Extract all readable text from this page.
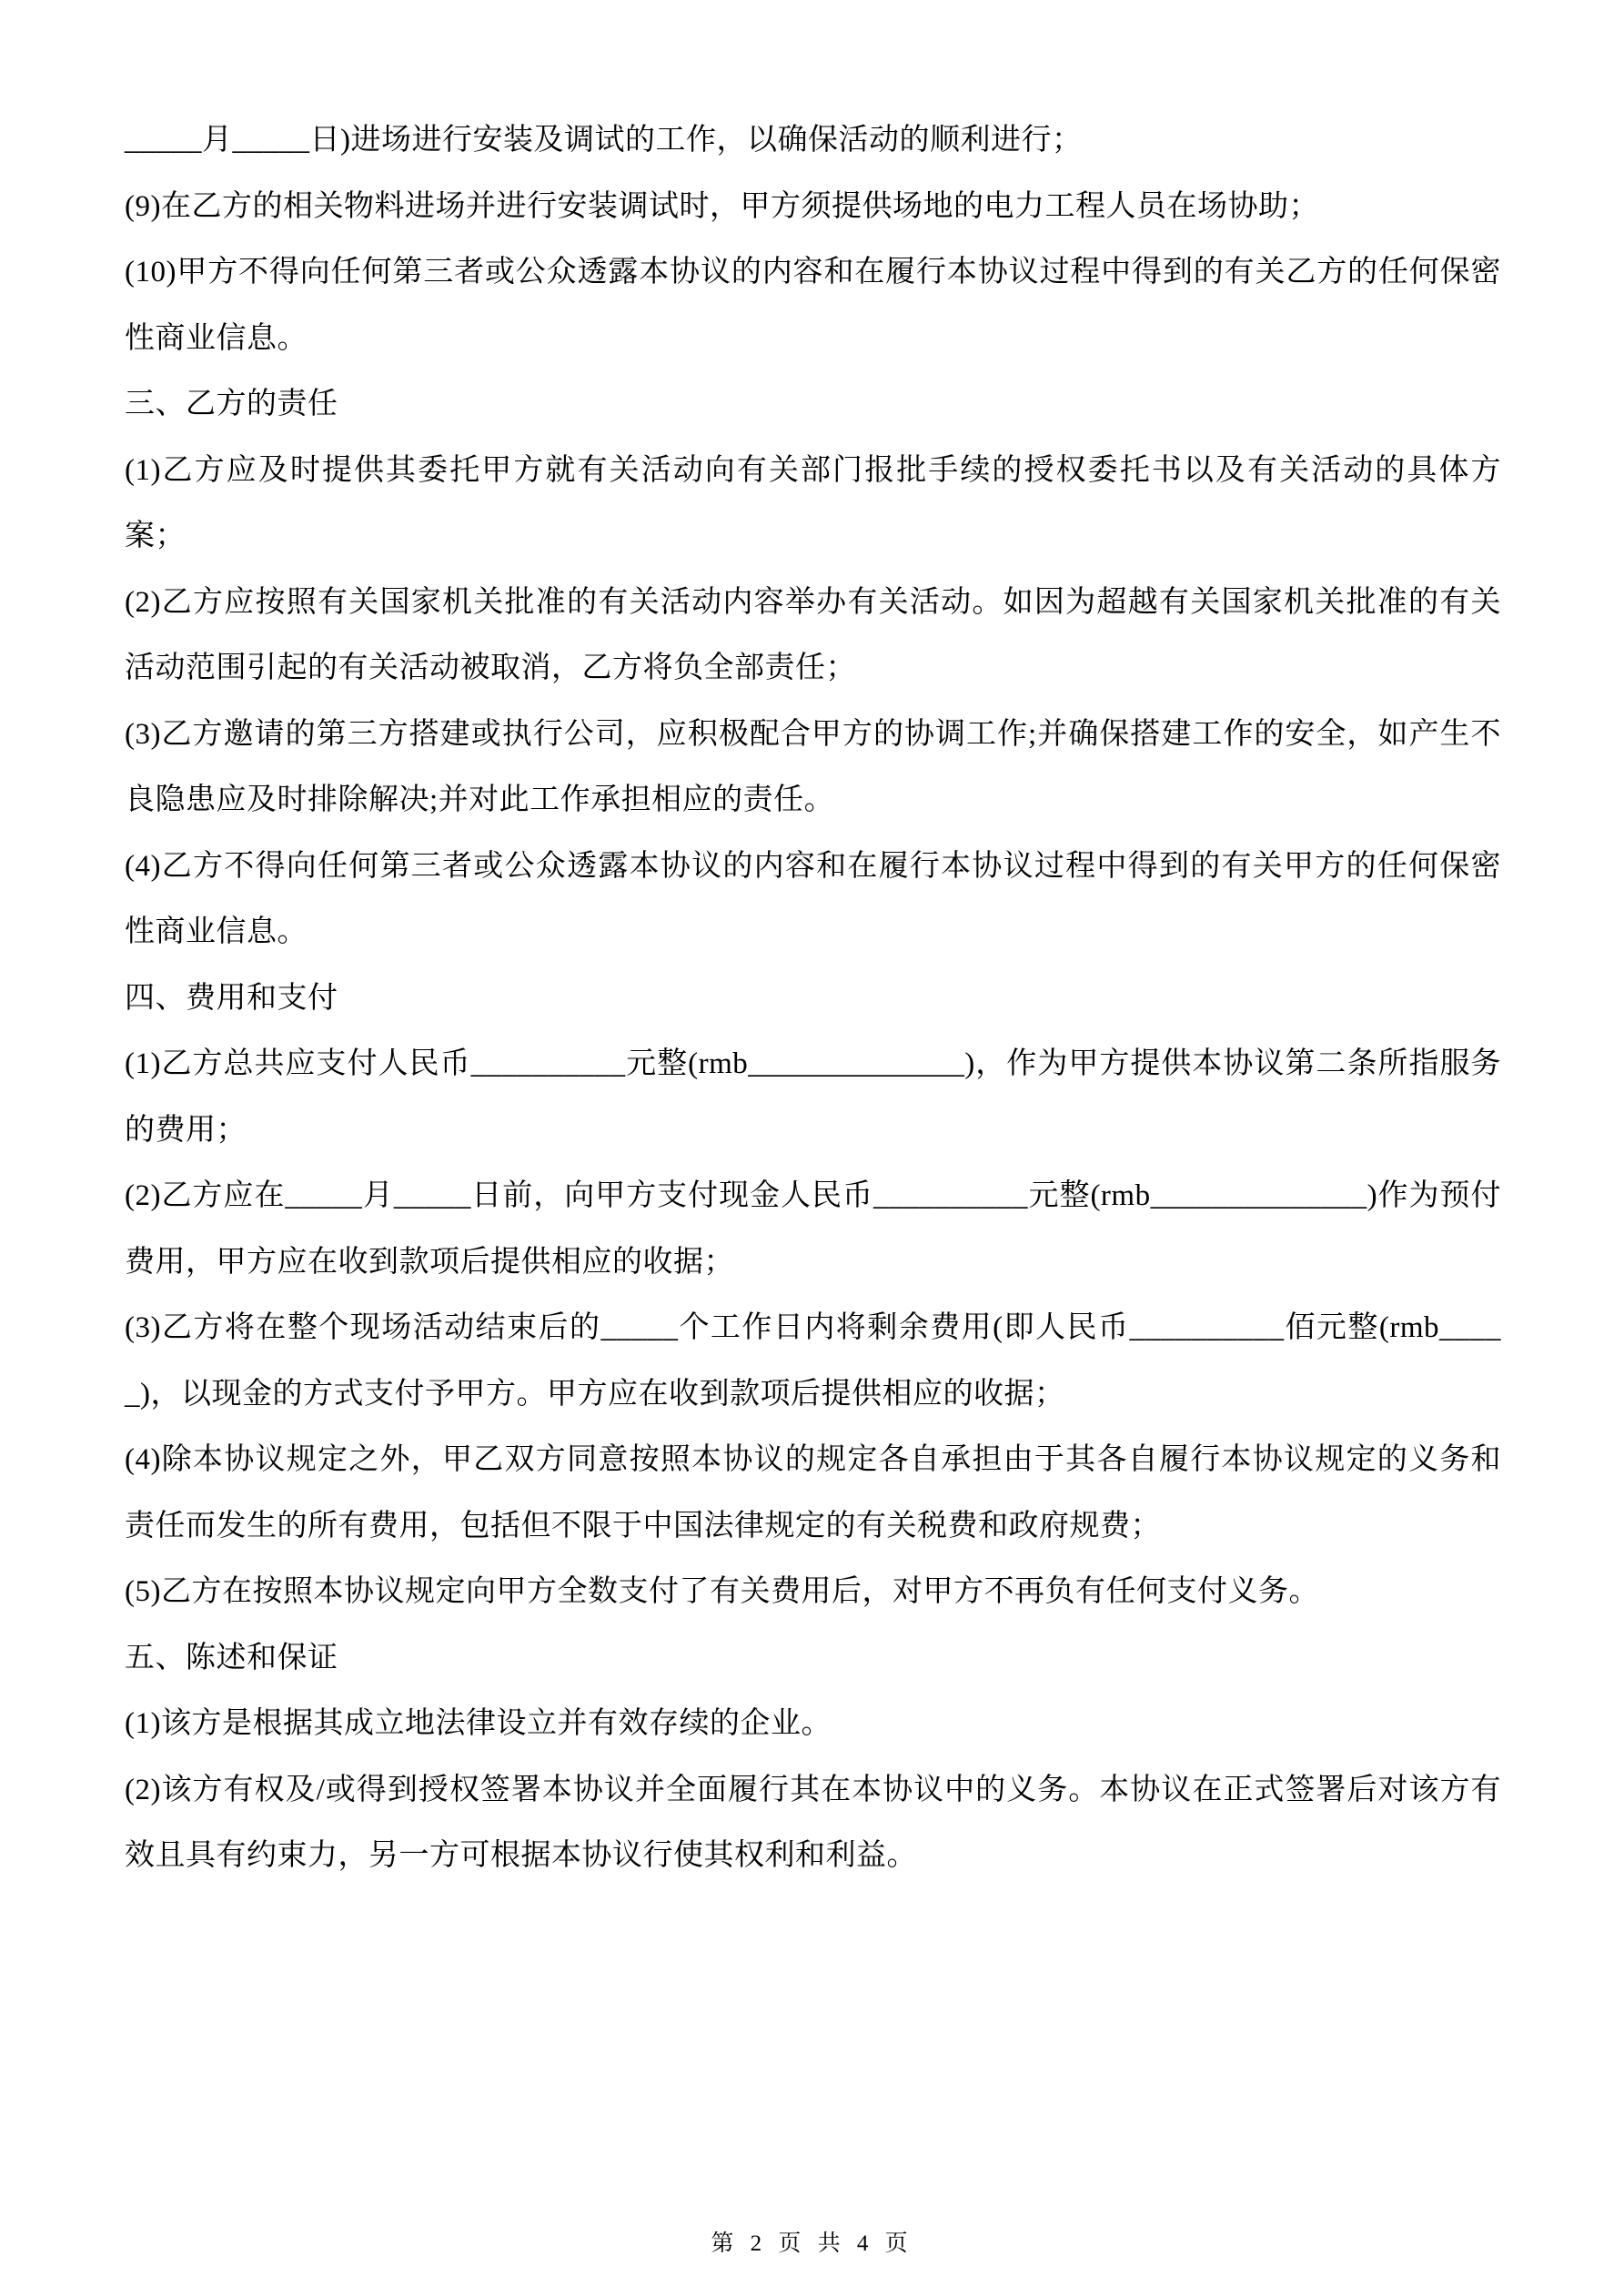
_____月_____日)进场进行安装及调试的工作，以确保活动的顺利进行；

(9)在乙方的相关物料进场并进行安装调试时，甲方须提供场地的电力工程人员在场协助；

(10)甲方不得向任何第三者或公众透露本协议的内容和在履行本协议过程中得到的有关乙方的任何保密性商业信息。

三、乙方的责任

(1)乙方应及时提供其委托甲方就有关活动向有关部门报批手续的授权委托书以及有关活动的具体方案；

(2)乙方应按照有关国家机关批准的有关活动内容举办有关活动。如因为超越有关国家机关批准的有关活动范围引起的有关活动被取消，乙方将负全部责任；

(3)乙方邀请的第三方搭建或执行公司，应积极配合甲方的协调工作;并确保搭建工作的安全，如产生不良隐患应及时排除解决;并对此工作承担相应的责任。

(4)乙方不得向任何第三者或公众透露本协议的内容和在履行本协议过程中得到的有关甲方的任何保密性商业信息。

四、费用和支付

(1)乙方总共应支付人民币__________元整(rmb______________)，作为甲方提供本协议第二条所指服务的费用；

(2)乙方应在_____月_____日前，向甲方支付现金人民币__________元整(rmb______________)作为预付费用，甲方应在收到款项后提供相应的收据；

(3)乙方将在整个现场活动结束后的_____个工作日内将剩余费用(即人民币__________佰元整(rmb_____)，以现金的方式支付予甲方。甲方应在收到款项后提供相应的收据；

(4)除本协议规定之外，甲乙双方同意按照本协议的规定各自承担由于其各自履行本协议规定的义务和责任而发生的所有费用，包括但不限于中国法律规定的有关税费和政府规费；

(5)乙方在按照本协议规定向甲方全数支付了有关费用后，对甲方不再负有任何支付义务。

五、陈述和保证

(1)该方是根据其成立地法律设立并有效存续的企业。

(2)该方有权及/或得到授权签署本协议并全面履行其在本协议中的义务。本协议在正式签署后对该方有效且具有约束力，另一方可根据本协议行使其权利和利益。

第 2 页 共 4 页
